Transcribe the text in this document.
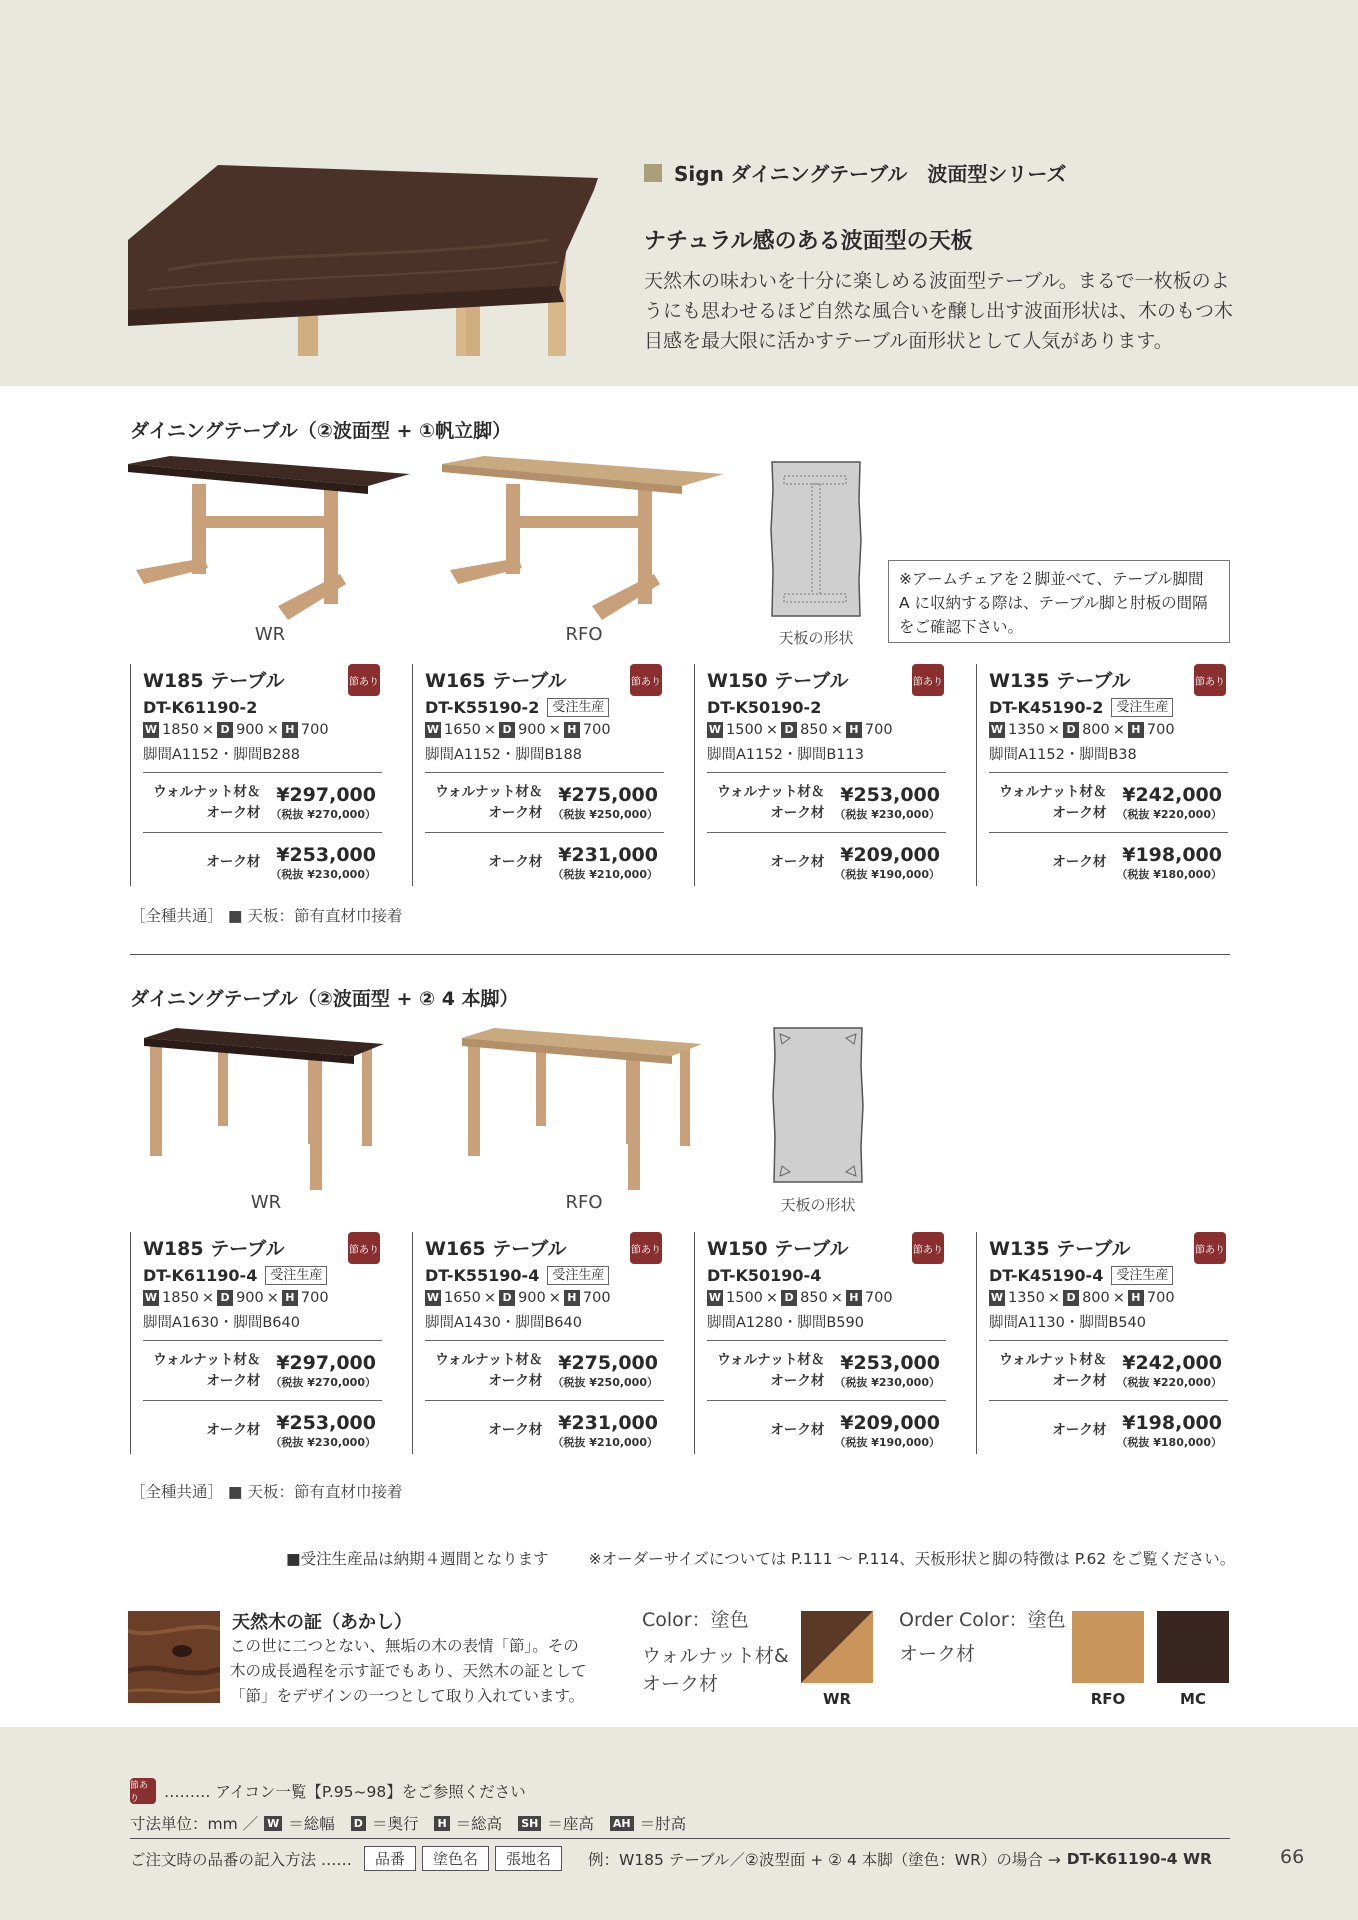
Sign ダイニングテーブル　波面型シリーズ
ナチュラル感のある波面型の天板
天然木の味わいを十分に楽しめる波面型テーブル。まるで一枚板のようにも思わせるほど自然な風合いを醸し出す波面形状は、木のもつ木目感を最大限に活かすテーブル面形状として人気があります。
ダイニングテーブル（②波面型 + ①帆立脚）
WR	RFO	天板の形状
※アームチェアを２脚並べて、テーブル脚間 A に収納する際は、テーブル脚と肘板の間隔をご確認下さい。
W185 テーブル	節あり
DT-K61190-2
W 1850 × D 900 × H 700
脚間A1152・脚間B288
ウォルナット材＆
オーク材
¥297,000
（税抜 ¥270,000）
オーク材 ¥253,000
（税抜 ¥230,000）
W165 テーブル	節あり
DT-K55190-2	受注生産
W 1650 × D 900 × H 700
脚間A1152・脚間B188
ウォルナット材＆
オーク材
¥275,000
（税抜 ¥250,000）
オーク材 ¥231,000
（税抜 ¥210,000）
W150 テーブル	節あり
DT-K50190-2
W 1500 × D 850 × H 700
脚間A1152・脚間B113
ウォルナット材＆
オーク材
¥253,000
（税抜 ¥230,000）
オーク材 ¥209,000
（税抜 ¥190,000）
W135 テーブル	節あり
DT-K45190-2	受注生産
W 1350 × D 800 × H 700
脚間A1152・脚間B38
ウォルナット材＆
オーク材
¥242,000
（税抜 ¥220,000）
オーク材 ¥198,000
（税抜 ¥180,000）
［全種共通］ ■ 天板：節有直材巾接着
ダイニングテーブル（②波面型 + ② 4 本脚）
WR	RFO	天板の形状
W185 テーブル	節あり
DT-K61190-4	受注生産
W 1850 × D 900 × H 700
脚間A1630・脚間B640
ウォルナット材＆
オーク材
¥297,000
（税抜 ¥270,000）
オーク材 ¥253,000
（税抜 ¥230,000）
W165 テーブル	節あり
DT-K55190-4	受注生産
W 1650 × D 900 × H 700
脚間A1430・脚間B640
ウォルナット材＆
オーク材
¥275,000
（税抜 ¥250,000）
オーク材 ¥231,000
（税抜 ¥210,000）
W150 テーブル	節あり
DT-K50190-4
W 1500 × D 850 × H 700
脚間A1280・脚間B590
ウォルナット材＆
オーク材
¥253,000
（税抜 ¥230,000）
オーク材 ¥209,000
（税抜 ¥190,000）
W135 テーブル	節あり
DT-K45190-4	受注生産
W 1350 × D 800 × H 700
脚間A1130・脚間B540
ウォルナット材＆
オーク材
¥242,000
（税抜 ¥220,000）
オーク材 ¥198,000
（税抜 ¥180,000）
［全種共通］ ■ 天板：節有直材巾接着
■受注生産品は納期４週間となります	※オーダーサイズについては P.111 ～ P.114、天板形状と脚の特徴は P.62 をご覧ください。
天然木の証（あかし）
この世に二つとない、無垢の木の表情「節」。その木の成長過程を示す証でもあり、天然木の証として「節」をデザインの一つとして取り入れています。
Color：塗色
ウォルナット材&オーク材
WR
Order Color：塗色
オーク材
RFO	MC
節あり	……… アイコン一覧【P.95~98】をご参照ください
寸法単位：mm ／ W ＝総幅 D ＝奥行 H ＝総高 SH ＝座高 AH ＝肘高
ご注文時の品番の記入方法 ……	品番	塗色名	張地名	例：W185 テーブル／②波型面 + ② 4 本脚（塗色：WR）の場合 → DT-K61190-4 WR	66
